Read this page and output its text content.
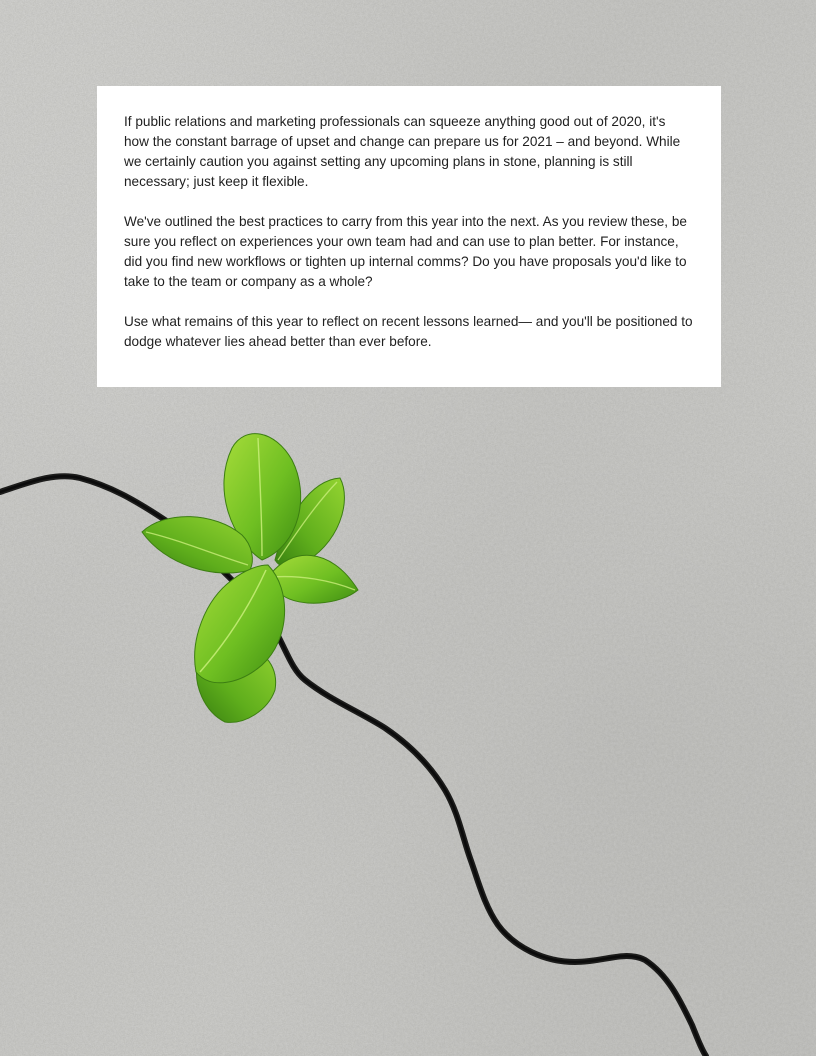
If public relations and marketing professionals can squeeze anything good out of 2020, it's how the constant barrage of upset and change can prepare us for 2021 – and beyond. While we certainly caution you against setting any upcoming plans in stone, planning is still necessary; just keep it flexible.

We've outlined the best practices to carry from this year into the next. As you review these, be sure you reflect on experiences your own team had and can use to plan better. For instance, did you find new workflows or tighten up internal comms? Do you have proposals you'd like to take to the team or company as a whole?

Use what remains of this year to reflect on recent lessons learned— and you'll be positioned to dodge whatever lies ahead better than ever before.
